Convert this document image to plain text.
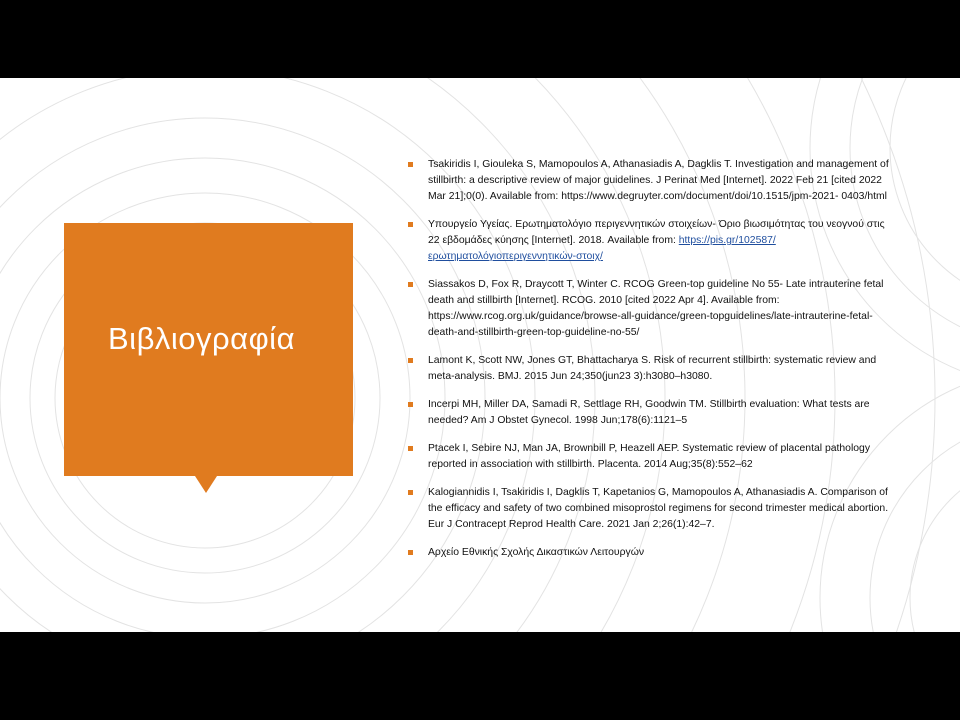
Βιβλιογραφία
Tsakiridis I, Giouleka S, Mamopoulos A, Athanasiadis A, Dagklis T. Investigation and management of stillbirth: a descriptive review of major guidelines. J Perinat Med [Internet]. 2022 Feb 21 [cited 2022 Mar 21];0(0). Available from: https://www.degruyter.com/document/doi/10.1515/jpm-2021- 0403/html
Υπουργείο Υγείας. Ερωτηματολόγιο περιγεννητικών στοιχείων- Όριο βιωσιμότητας του νεογνού στις 22 εβδομάδες κύησης [Internet]. 2018. Available from: https://pis.gr/102587/ερωτηματολόγιοπεριγεννητικών-στοιχ/
Siassakos D, Fox R, Draycott T, Winter C. RCOG Green-top guideline No 55- Late intrauterine fetal death and stillbirth [Internet]. RCOG. 2010 [cited 2022 Apr 4]. Available from: https://www.rcog.org.uk/guidance/browse-all-guidance/green-topguidelines/late-intrauterine-fetal-death-and-stillbirth-green-top-guideline-no-55/
Lamont K, Scott NW, Jones GT, Bhattacharya S. Risk of recurrent stillbirth: systematic review and meta-analysis. BMJ. 2015 Jun 24;350(jun23 3):h3080–h3080.
Incerpi MH, Miller DA, Samadi R, Settlage RH, Goodwin TM. Stillbirth evaluation: What tests are needed? Am J Obstet Gynecol. 1998 Jun;178(6):1121–5
Ptacek I, Sebire NJ, Man JA, Brownbill P, Heazell AEP. Systematic review of placental pathology reported in association with stillbirth. Placenta. 2014 Aug;35(8):552–62
Kalogiannidis I, Tsakiridis I, Dagklis T, Kapetanios G, Mamopoulos A, Athanasiadis A. Comparison of the efficacy and safety of two combined misoprostol regimens for second trimester medical abortion. Eur J Contracept Reprod Health Care. 2021 Jan 2;26(1):42–7.
Αρχείο Εθνικής Σχολής Δικαστικών Λειτουργών
